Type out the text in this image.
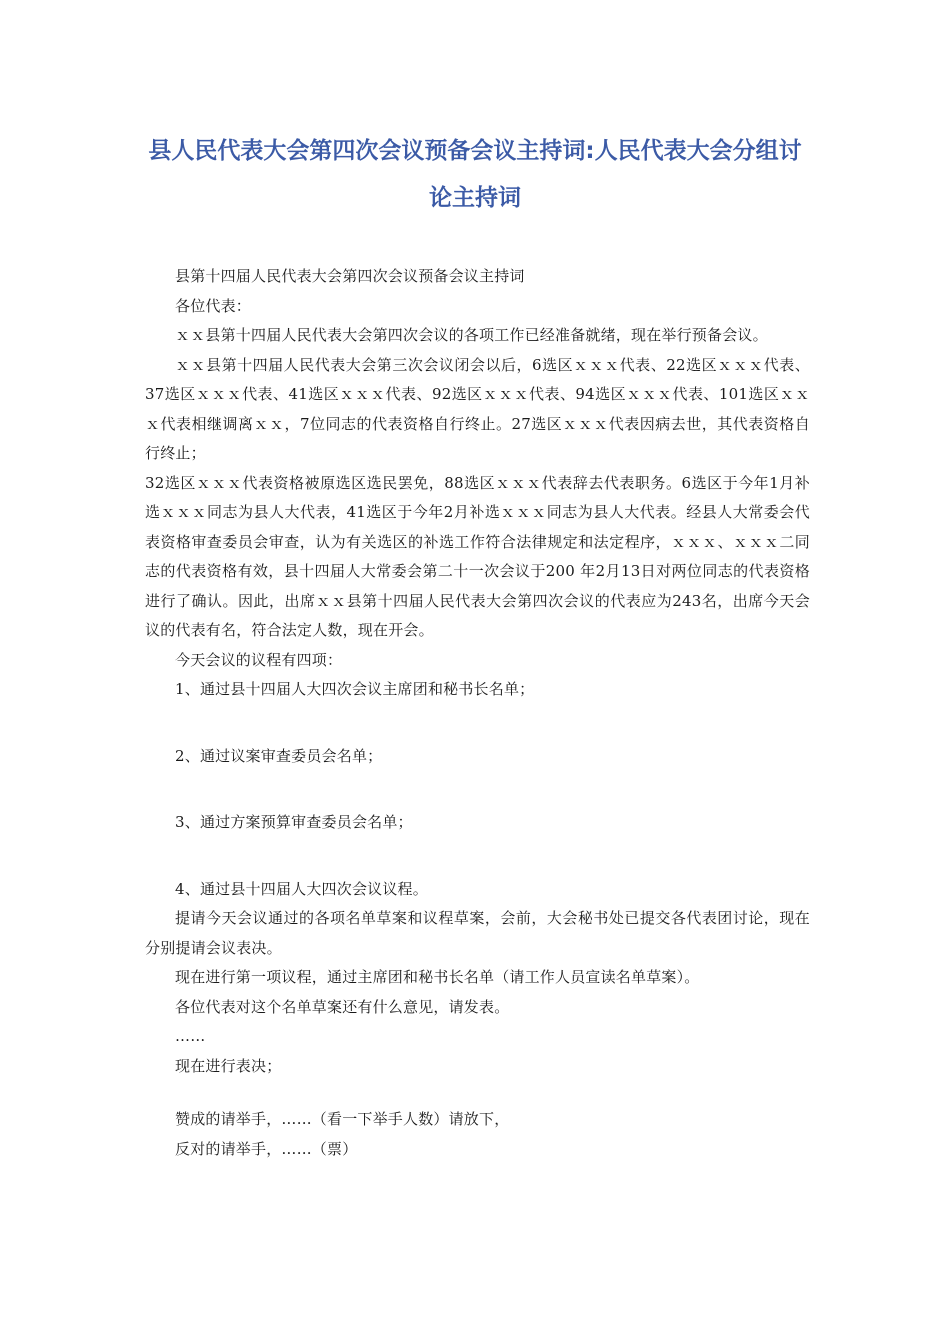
县人民代表大会第四次会议预备会议主持词:人民代表大会分组讨论主持词

县第十四届人民代表大会第四次会议预备会议主持词

各位代表：

ｘｘ县第十四届人民代表大会第四次会议的各项工作已经准备就绪，现在举行预备会议。

ｘｘ县第十四届人民代表大会第三次会议闭会以后，6选区ｘｘｘ代表、22选区ｘｘｘ代表、37选区ｘｘｘ代表、41选区ｘｘｘ代表、92选区ｘｘｘ代表、94选区ｘｘｘ代表、101选区ｘｘｘ代表相继调离ｘｘ，7位同志的代表资格自行终止。27选区ｘｘｘ代表因病去世，其代表资格自行终止；

32选区ｘｘｘ代表资格被原选区选民罢免，88选区ｘｘｘ代表辞去代表职务。6选区于今年1月补选ｘｘｘ同志为县人大代表，41选区于今年2月补选ｘｘｘ同志为县人大代表。经县人大常委会代表资格审查委员会审查，认为有关选区的补选工作符合法律规定和法定程序，ｘｘｘ、ｘｘｘ二同志的代表资格有效，县十四届人大常委会第二十一次会议于200 年2月13日对两位同志的代表资格进行了确认。因此，出席ｘｘ县第十四届人民代表大会第四次会议的代表应为243名，出席今天会议的代表有名，符合法定人数，现在开会。

今天会议的议程有四项：

1、通过县十四届人大四次会议主席团和秘书长名单；

2、通过议案审查委员会名单；

3、通过方案预算审查委员会名单；

4、通过县十四届人大四次会议议程。

提请今天会议通过的各项名单草案和议程草案，会前，大会秘书处已提交各代表团讨论，现在分别提请会议表决。

现在进行第一项议程，通过主席团和秘书长名单（请工作人员宣读名单草案）。

各位代表对这个名单草案还有什么意见，请发表。

……

现在进行表决；

赞成的请举手，……（看一下举手人数）请放下，

反对的请举手，……（票）
